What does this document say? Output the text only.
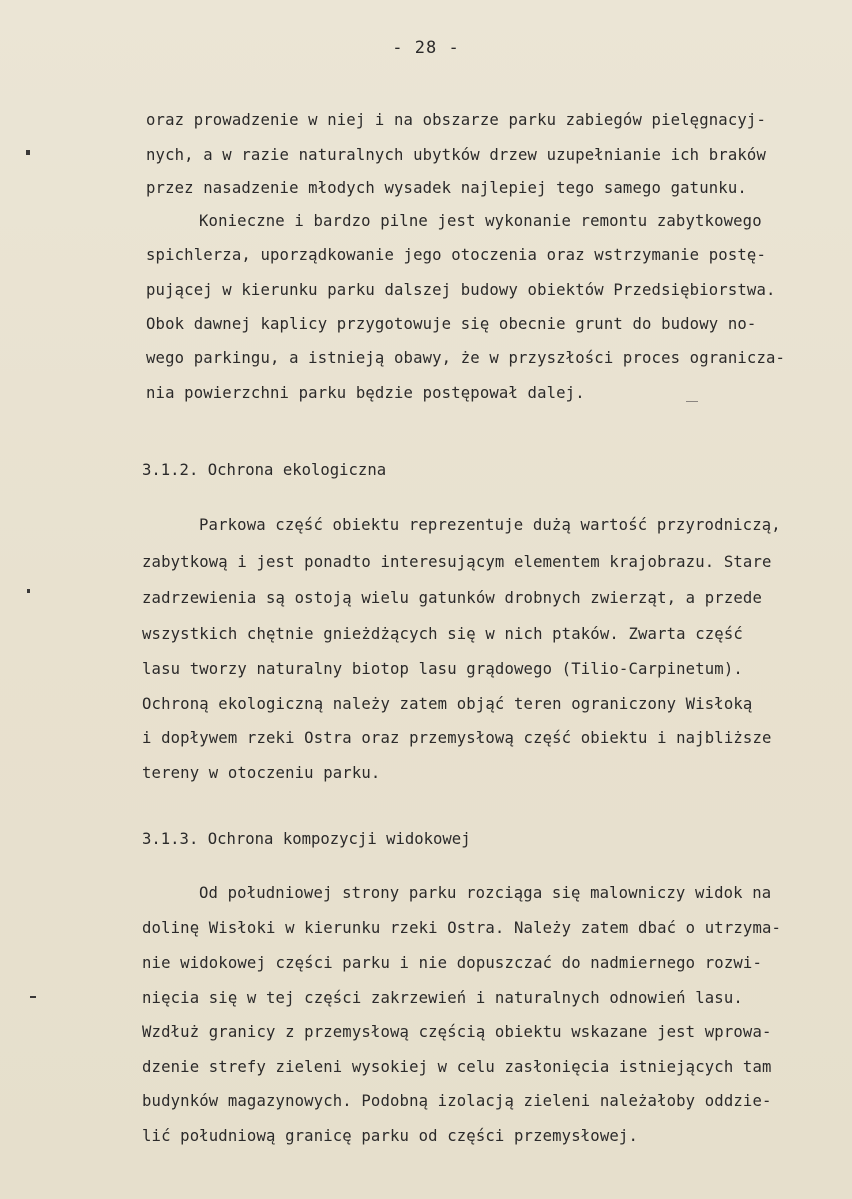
- 28 -
oraz prowadzenie w niej i na obszarze parku zabiegów pielęgnacyj-
nych, a w razie naturalnych ubytków drzew uzupełnianie ich braków
przez nasadzenie młodych wysadek najlepiej tego samego gatunku.
Konieczne i bardzo pilne jest wykonanie remontu zabytkowego
spichlerza, uporządkowanie jego otoczenia oraz wstrzymanie postę-
pującej w kierunku parku dalszej budowy obiektów Przedsiębiorstwa.
Obok dawnej kaplicy przygotowuje się obecnie grunt do budowy no-
wego parkingu, a istnieją obawy, że w przyszłości proces ogranicza-
nia powierzchni parku będzie postępował dalej.
3.1.2. Ochrona ekologiczna
Parkowa część obiektu reprezentuje dużą wartość przyrodniczą,
zabytkową i jest ponadto interesującym elementem krajobrazu. Stare
zadrzewienia są ostoją wielu gatunków drobnych zwierząt, a przede
wszystkich chętnie gnieżdżących się w nich ptaków. Zwarta część
lasu tworzy naturalny biotop lasu grądowego (Tilio-Carpinetum).
Ochroną ekologiczną należy zatem objąć teren ograniczony Wisłoką
i dopływem rzeki Ostra oraz przemysłową część obiektu i najbliższe
tereny w otoczeniu parku.
3.1.3. Ochrona kompozycji widokowej
Od południowej strony parku rozciąga się malowniczy widok na
dolinę Wisłoki w kierunku rzeki Ostra. Należy zatem dbać o utrzyma-
nie widokowej części parku i nie dopuszczać do nadmiernego rozwi-
nięcia się w tej części zakrzewień i naturalnych odnowień lasu.
Wzdłuż granicy z przemysłową częścią obiektu wskazane jest wprowa-
dzenie strefy zieleni wysokiej w celu zasłonięcia istniejących tam
budynków magazynowych. Podobną izolacją zieleni należałoby oddzie-
lić południową granicę parku od części przemysłowej.
